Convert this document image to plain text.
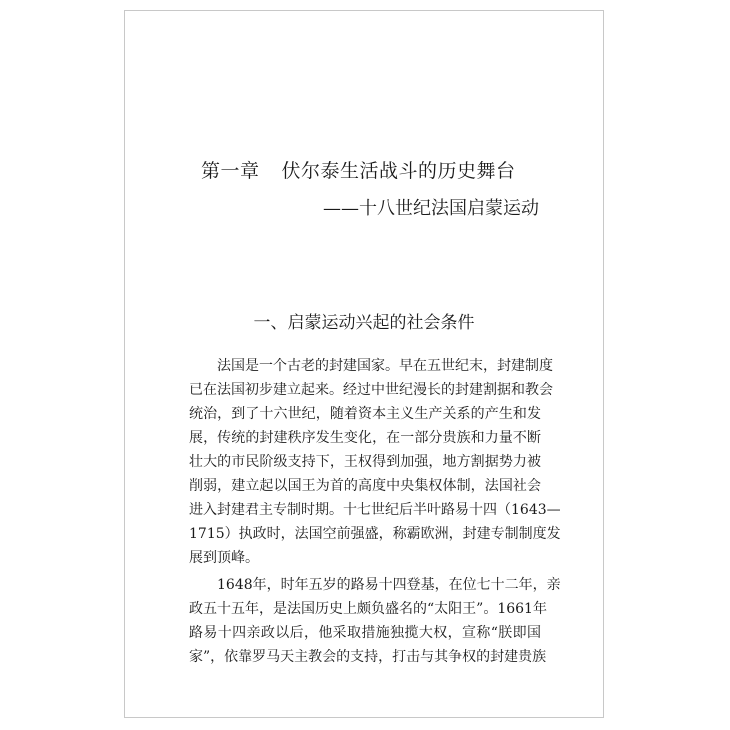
第一章 伏尔泰生活战斗的历史舞台
——十八世纪法国启蒙运动
一、启蒙运动兴起的社会条件
法国是一个古老的封建国家。早在五世纪末，封建制度
已在法国初步建立起来。经过中世纪漫长的封建割据和教会
统治，到了十六世纪，随着资本主义生产关系的产生和发
展，传统的封建秩序发生变化，在一部分贵族和力量不断
壮大的市民阶级支持下，王权得到加强，地方割据势力被
削弱，建立起以国王为首的高度中央集权体制，法国社会
进入封建君主专制时期。十七世纪后半叶路易十四（1643—
1715）执政时，法国空前强盛，称霸欧洲，封建专制制度发
展到顶峰。
1648年，时年五岁的路易十四登基，在位七十二年，亲
政五十五年，是法国历史上颇负盛名的“太阳王”。1661年
路易十四亲政以后，他采取措施独揽大权，宣称“朕即国
家”，依靠罗马天主教会的支持，打击与其争权的封建贵族
